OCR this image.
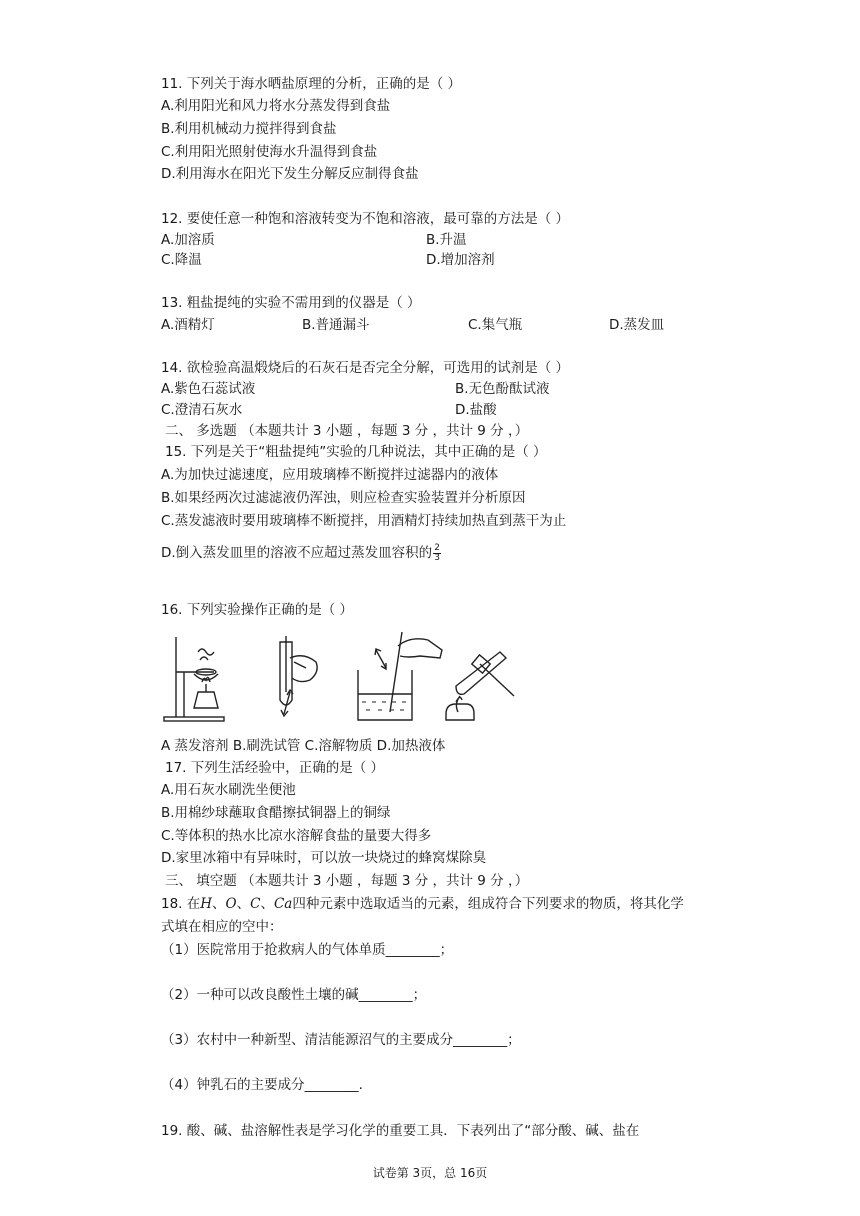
11. 下列关于海水晒盐原理的分析，正确的是（ ）
A.利用阳光和风力将水分蒸发得到食盐
B.利用机械动力搅拌得到食盐
C.利用阳光照射使海水升温得到食盐
D.利用海水在阳光下发生分解反应制得食盐
12. 要使任意一种饱和溶液转变为不饱和溶液，最可靠的方法是（ ）
A.加溶质	B.升温
C.降温	D.增加溶剂
13. 粗盐提纯的实验不需用到的仪器是（ ）
A.酒精灯	B.普通漏斗	C.集气瓶	D.蒸发皿
14. 欲检验高温煅烧后的石灰石是否完全分解，可选用的试剂是（ ）
A.紫色石蕊试液	B.无色酚酞试液
C.澄清石灰水	D.盐酸
二、 多选题 （本题共计 3 小题 ，每题 3 分 ，共计 9 分 ，）
15. 下列是关于“粗盐提纯”实验的几种说法，其中正确的是（ ）
A.为加快过滤速度，应用玻璃棒不断搅拌过滤器内的液体
B.如果经两次过滤滤液仍浑浊，则应检查实验装置并分析原因
C.蒸发滤液时要用玻璃棒不断搅拌，用酒精灯持续加热直到蒸干为止
D.倒入蒸发皿里的溶液不应超过蒸发皿容积的 $\frac{2}{3}$
16. 下列实验操作正确的是（ ）
A 蒸发溶剂 B.刷洗试管 C.溶解物质 D.加热液体
17. 下列生活经验中，正确的是（ ）
A.用石灰水刷洗坐便池
B.用棉纱球蘸取食醋擦拭铜器上的铜绿
C.等体积的热水比凉水溶解食盐的量要大得多
D.家里冰箱中有异味时，可以放一块烧过的蜂窝煤除臭
三、 填空题 （本题共计 3 小题 ，每题 3 分 ，共计 9 分 ，）
18. 在H、O、C、Ca四种元素中选取适当的元素，组成符合下列要求的物质，将其化学
式填在相应的空中：
（1）医院常用于抢救病人的气体单质________；
（2）一种可以改良酸性土壤的碱________；
（3）农村中一种新型、清洁能源沼气的主要成分________；
（4）钟乳石的主要成分________.
19. 酸、碱、盐溶解性表是学习化学的重要工具．下表列出了“部分酸、碱、盐在
试卷第 3页，总 16页
